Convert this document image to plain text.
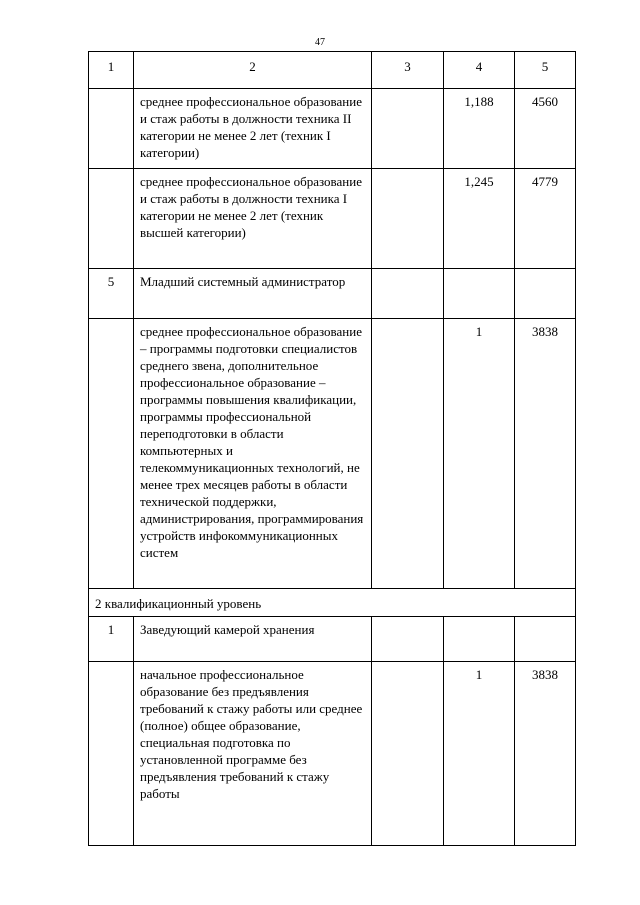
47
1	2	3	4	5
	среднее профессиональное образование и стаж работы в должности техника II категории не менее 2 лет (техник I категории)		1,188	4560
	среднее профессиональное образование и стаж работы в должности техника I категории не менее 2 лет (техник высшей категории)		1,245	4779
5	Младший системный администратор			
	среднее профессиональное образование – программы подготовки специалистов среднего звена, дополнительное профессиональное образование – программы повышения квалификации, программы профессиональной переподготовки в области компьютерных и телекоммуникационных технологий, не менее трех месяцев работы в области технической поддержки, администрирования, программирования устройств инфокоммуникационных систем		1	3838
2 квалификационный уровень				
1	Заведующий камерой хранения			
	начальное профессиональное образование без предъявления требований к стажу работы или среднее (полное) общее образование, специальная подготовка по установленной программе без предъявления требований к стажу работы		1	3838
